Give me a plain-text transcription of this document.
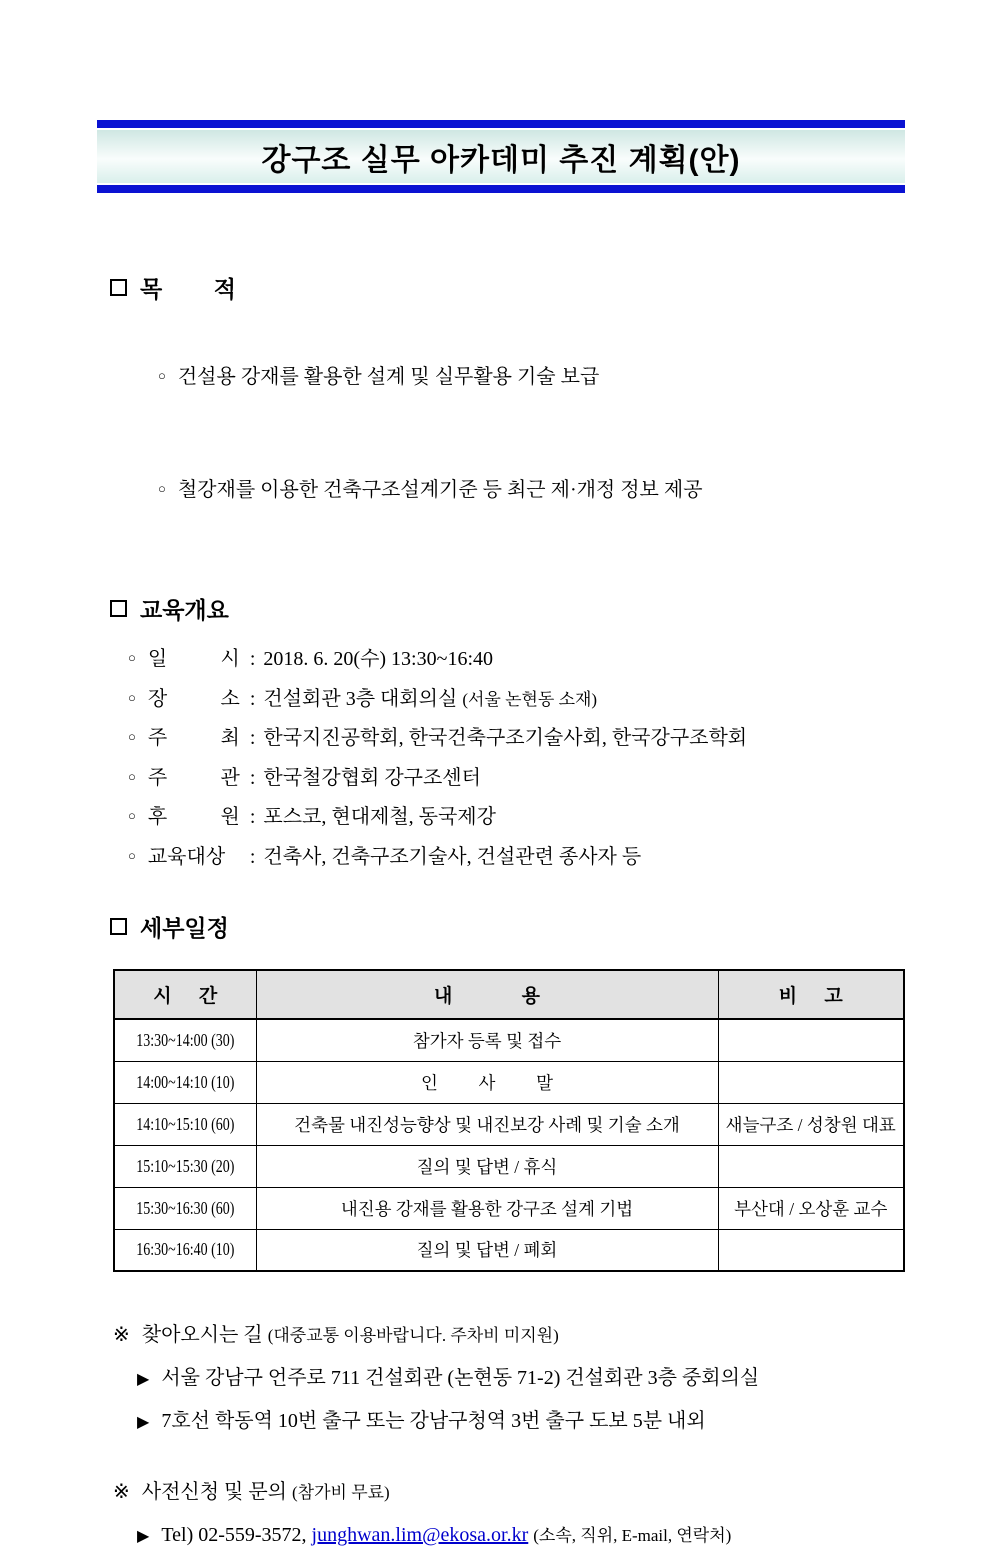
강구조 실무 아카데미 추진 계획(안)
목 적

○ 건설용 강재를 활용한 설계 및 실무활용 기술 보급

○ 철강재를 이용한 건축구조설계기준 등 최근 제·개정 정보 제공

교육개요
○ 일 시 : 2018. 6. 20(수) 13:30~16:40
○ 장 소 : 건설회관 3층 대회의실 (서울 논현동 소재)
○ 주 최 : 한국지진공학회, 한국건축구조기술사회, 한국강구조학회
○ 주 관 : 한국철강협회 강구조센터
○ 후 원 : 포스코, 현대제철, 동국제강
○ 교육대상 : 건축사, 건축구조기술사, 건설관련 종사자 등
세부일정
시 간	내 용	비 고
13:30~14:00 (30)	참가자 등록 및 접수	
14:00~14:10 (10)	인 사 말	
14:10~15:10 (60)	건축물 내진성능향상 및 내진보강 사례 및 기술 소개	새늘구조 / 성창원 대표
15:10~15:30 (20)	질의 및 답변 / 휴식	
15:30~16:30 (60)	내진용 강재를 활용한 강구조 설계 기법	부산대 / 오상훈 교수
16:30~16:40 (10)	질의 및 답변 / 폐회	
※ 찾아오시는 길 (대중교통 이용바랍니다. 주차비 미지원)
▶ 서울 강남구 언주로 711 건설회관 (논현동 71-2) 건설회관 3층 중회의실
▶ 7호선 학동역 10번 출구 또는 강남구청역 3번 출구 도보 5분 내외
※ 사전신청 및 문의 (참가비 무료)
▶ Tel) 02-559-3572, junghwan.lim@ekosa.or.kr (소속, 직위, E-mail, 연락처)
